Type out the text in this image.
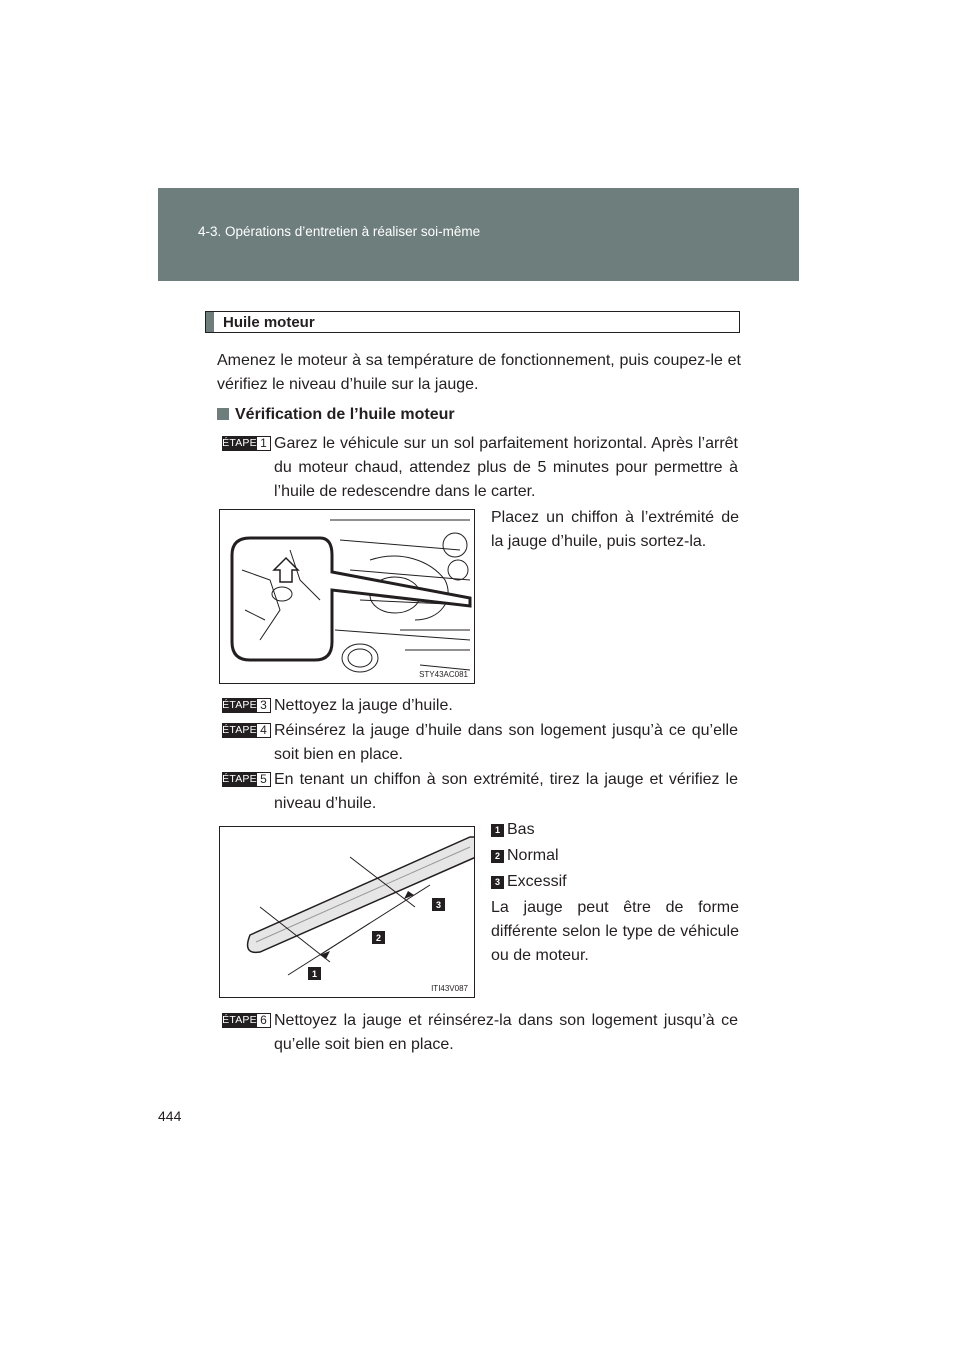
4-3. Opérations d’entretien à réaliser soi-même
Huile moteur
Amenez le moteur à sa température de fonctionnement, puis coupez-le et vérifiez le niveau d’huile sur la jauge.
Vérification de l’huile moteur
ÉTAPE 1 Garez le véhicule sur un sol parfaitement horizontal. Après l’arrêt du moteur chaud, attendez plus de 5 minutes pour permettre à l’huile de redescendre dans le carter.
STY43AC081
Placez un chiffon à l’extrémité de la jauge d’huile, puis sortez-la.
ÉTAPE 3 Nettoyez la jauge d’huile.
ÉTAPE 4 Réinsérez la jauge d’huile dans son logement jusqu’à ce qu’elle soit bien en place.
ÉTAPE 5 En tenant un chiffon à son extrémité, tirez la jauge et vérifiez le niveau d’huile.
1
2
3
ITI43V087
1 Bas
2 Normal
3 Excessif
La jauge peut être de forme différente selon le type de véhicule ou de moteur.
ÉTAPE 6 Nettoyez la jauge et réinsérez-la dans son logement jusqu’à ce qu’elle soit bien en place.
444
